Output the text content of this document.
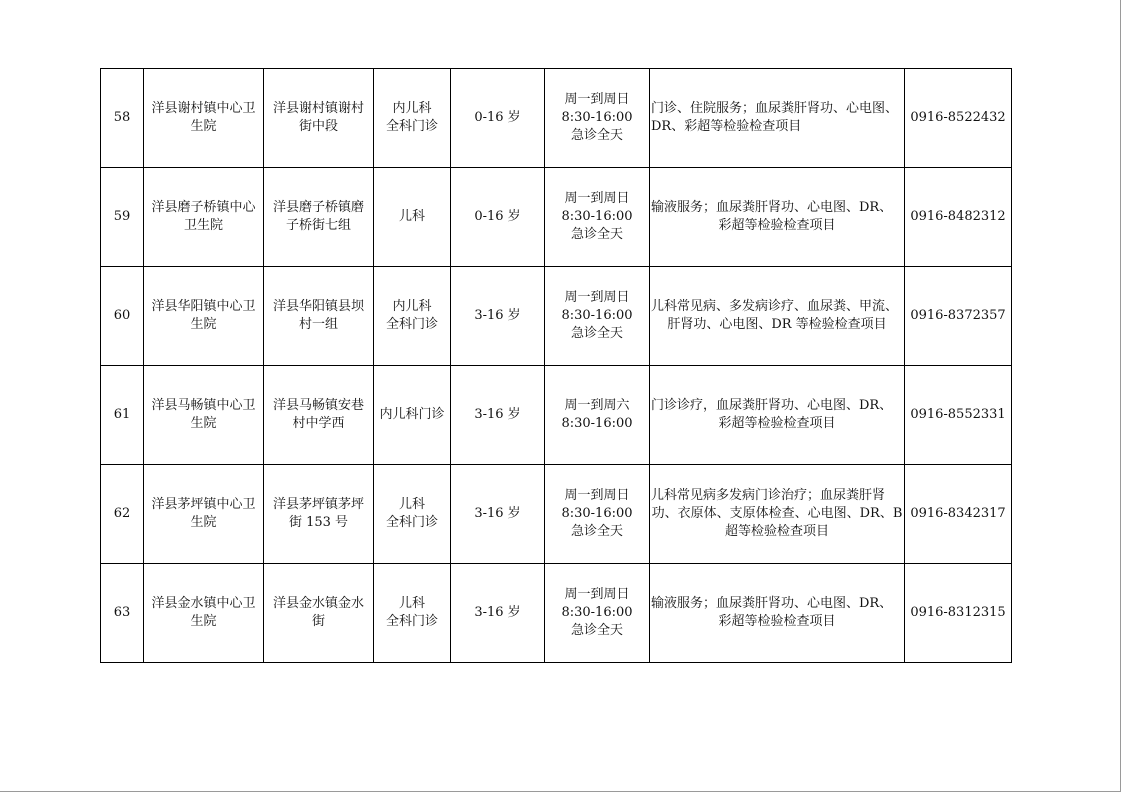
58	洋县谢村镇中心卫
生院	洋县谢村镇谢村
街中段	内儿科
全科门诊	0-16 岁	周一到周日
8:30-16:00
急诊全天	门诊、住院服务；血尿粪肝肾功、心电图、
DR、彩超等检验检查项目	0916-8522432
59	洋县磨子桥镇中心
卫生院	洋县磨子桥镇磨
子桥街七组	儿科	0-16 岁	周一到周日
8:30-16:00
急诊全天	输液服务；血尿粪肝肾功、心电图、DR、
彩超等检验检查项目	0916-8482312
60	洋县华阳镇中心卫
生院	洋县华阳镇县坝
村一组	内儿科
全科门诊	3-16 岁	周一到周日
8:30-16:00
急诊全天	儿科常见病、多发病诊疗、血尿粪、甲流、
肝肾功、心电图、DR 等检验检查项目	0916-8372357
61	洋县马畅镇中心卫
生院	洋县马畅镇安巷
村中学西	内儿科门诊	3-16 岁	周一到周六
8:30-16:00	门诊诊疗，血尿粪肝肾功、心电图、DR、
彩超等检验检查项目	0916-8552331
62	洋县茅坪镇中心卫
生院	洋县茅坪镇茅坪
街 153 号	儿科
全科门诊	3-16 岁	周一到周日
8:30-16:00
急诊全天	儿科常见病多发病门诊治疗；血尿粪肝肾
功、衣原体、支原体检查、心电图、DR、B
超等检验检查项目	0916-8342317
63	洋县金水镇中心卫
生院	洋县金水镇金水
街	儿科
全科门诊	3-16 岁	周一到周日
8:30-16:00
急诊全天	输液服务；血尿粪肝肾功、心电图、DR、
彩超等检验检查项目	0916-8312315
